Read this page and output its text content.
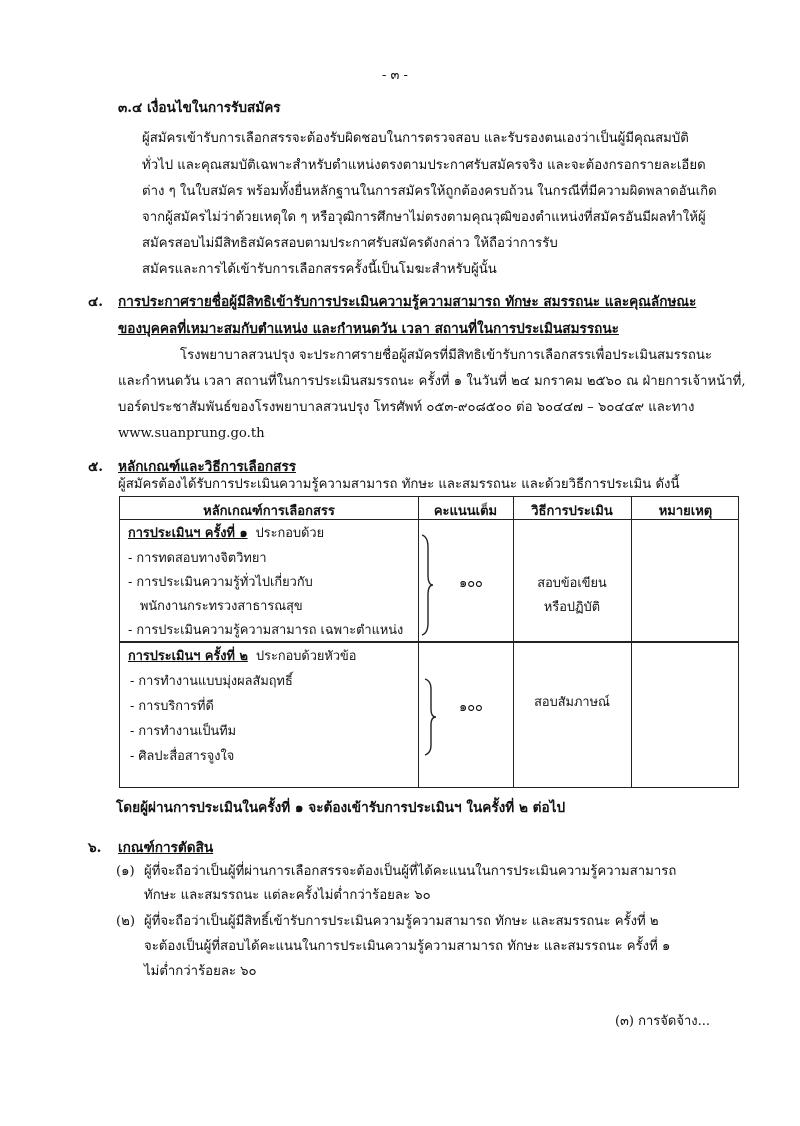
- ๓ -
๓.๔ เงื่อนไขในการรับสมัคร
ผู้สมัครเข้ารับการเลือกสรรจะต้องรับผิดชอบในการตรวจสอบ และรับรองตนเองว่าเป็นผู้มีคุณสมบัติ
ทั่วไป และคุณสมบัติเฉพาะสำหรับตำแหน่งตรงตามประกาศรับสมัครจริง และจะต้องกรอกรายละเอียด
ต่าง ๆ ในใบสมัคร พร้อมทั้งยื่นหลักฐานในการสมัครให้ถูกต้องครบถ้วน ในกรณีที่มีความผิดพลาดอันเกิด
จากผู้สมัครไม่ว่าด้วยเหตุใด ๆ หรือวุฒิการศึกษาไม่ตรงตามคุณวุฒิของตำแหน่งที่สมัครอันมีผลทำให้ผู้
สมัครสอบไม่มีสิทธิสมัครสอบตามประกาศรับสมัครดังกล่าว ให้ถือว่าการรับ
สมัครและการได้เข้ารับการเลือกสรรครั้งนี้เป็นโมฆะสำหรับผู้นั้น
๔. การประกาศรายชื่อผู้มีสิทธิเข้ารับการประเมินความรู้ความสามารถ ทักษะ สมรรถนะ และคุณลักษณะ
ของบุคคลที่เหมาะสมกับตำแหน่ง และกำหนดวัน เวลา สถานที่ในการประเมินสมรรถนะ
โรงพยาบาลสวนปรุง จะประกาศรายชื่อผู้สมัครที่มีสิทธิเข้ารับการเลือกสรรเพื่อประเมินสมรรถนะ
และกำหนดวัน เวลา สถานที่ในการประเมินสมรรถนะ ครั้งที่ ๑ ในวันที่ ๒๔ มกราคม ๒๕๖๐ ณ ฝ่ายการเจ้าหน้าที่,
บอร์ดประชาสัมพันธ์ของโรงพยาบาลสวนปรุง โทรศัพท์ ๐๕๓-๙๐๘๕๐๐ ต่อ ๖๐๔๔๗ – ๖๐๔๔๙ และทาง
www.suanprung.go.th
๕. หลักเกณฑ์และวิธีการเลือกสรร
ผู้สมัครต้องได้รับการประเมินความรู้ความสามารถ ทักษะ และสมรรถนะ และด้วยวิธีการประเมิน ดังนี้
หลักเกณฑ์การเลือกสรร	คะแนนเต็ม	วิธีการประเมิน	หมายเหตุ
การประเมินฯ ครั้งที่ ๑ ประกอบด้วย
- การทดสอบทางจิตวิทยา
- การประเมินความรู้ทั่วไปเกี่ยวกับ
พนักงานกระทรวงสาธารณสุข
- การประเมินความรู้ความสามารถ เฉพาะตำแหน่ง
๑๐๐	สอบข้อเขียน
หรือปฏิบัติ
การประเมินฯ ครั้งที่ ๒ ประกอบด้วยหัวข้อ
- การทำงานแบบมุ่งผลสัมฤทธิ์
- การบริการที่ดี
- การทำงานเป็นทีม
- ศิลปะสื่อสารจูงใจ
๑๐๐	สอบสัมภาษณ์
โดยผู้ผ่านการประเมินในครั้งที่ ๑ จะต้องเข้ารับการประเมินฯ ในครั้งที่ ๒ ต่อไป
๖. เกณฑ์การตัดสิน
(๑) ผู้ที่จะถือว่าเป็นผู้ที่ผ่านการเลือกสรรจะต้องเป็นผู้ที่ได้คะแนนในการประเมินความรู้ความสามารถ
ทักษะ และสมรรถนะ แต่ละครั้งไม่ต่ำกว่าร้อยละ ๖๐
(๒) ผู้ที่จะถือว่าเป็นผู้มีสิทธิ์เข้ารับการประเมินความรู้ความสามารถ ทักษะ และสมรรถนะ ครั้งที่ ๒
จะต้องเป็นผู้ที่สอบได้คะแนนในการประเมินความรู้ความสามารถ ทักษะ และสมรรถนะ ครั้งที่ ๑
ไม่ต่ำกว่าร้อยละ ๖๐
(๓) การจัดจ้าง...
